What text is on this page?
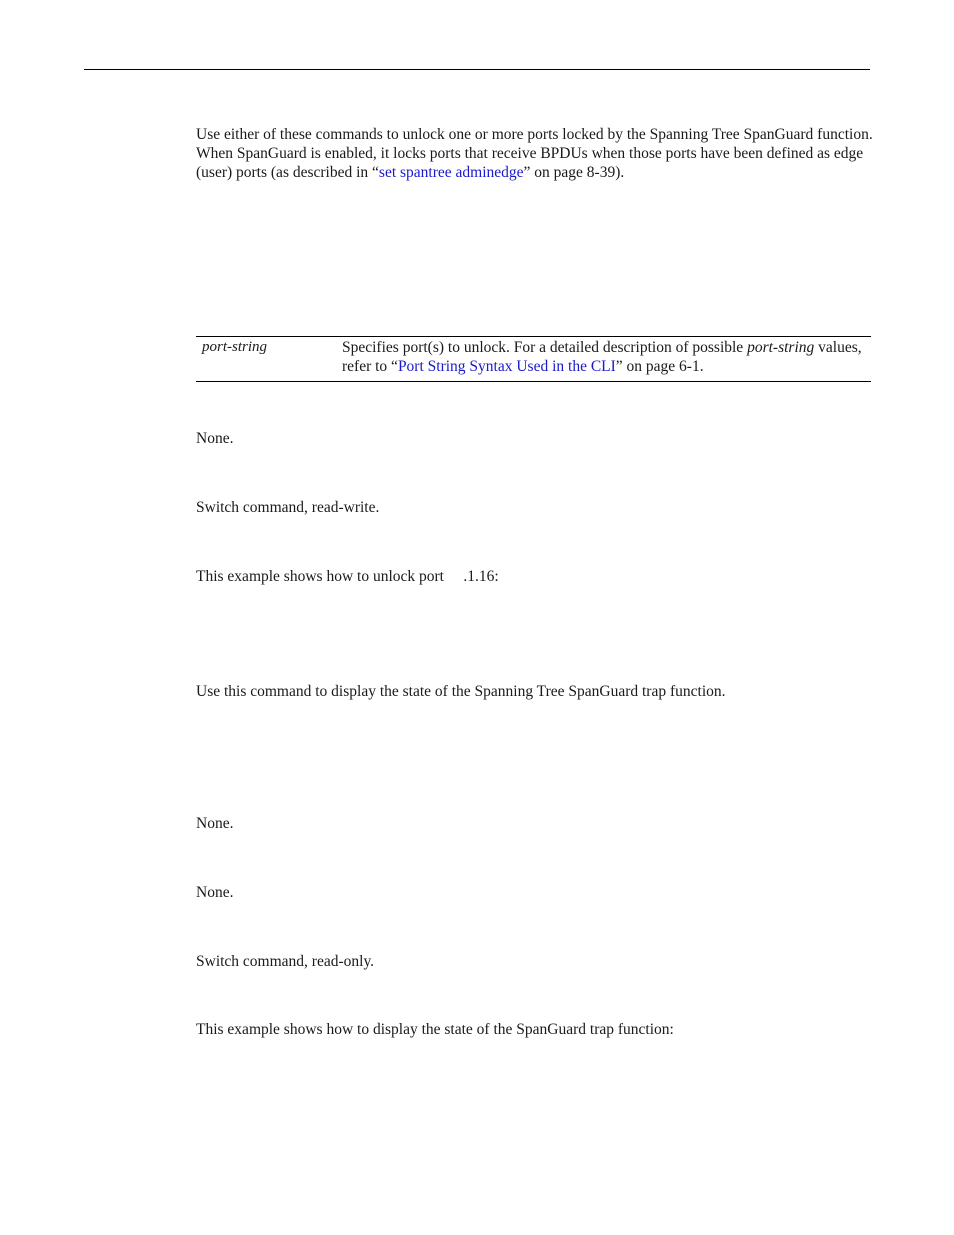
Use either of these commands to unlock one or more ports locked by the Spanning Tree SpanGuard function. When SpanGuard is enabled, it locks ports that receive BPDUs when those ports have been defined as edge (user) ports (as described in “set spantree adminedge” on page 8-39).
port-string	Specifies port(s) to unlock. For a detailed description of possible port-string values, refer to “Port String Syntax Used in the CLI” on page 6-1.
None.
Switch command, read-write.
This example shows how to unlock port     .1.16:
Use this command to display the state of the Spanning Tree SpanGuard trap function.
None.
None.
Switch command, read-only.
This example shows how to display the state of the SpanGuard trap function:
